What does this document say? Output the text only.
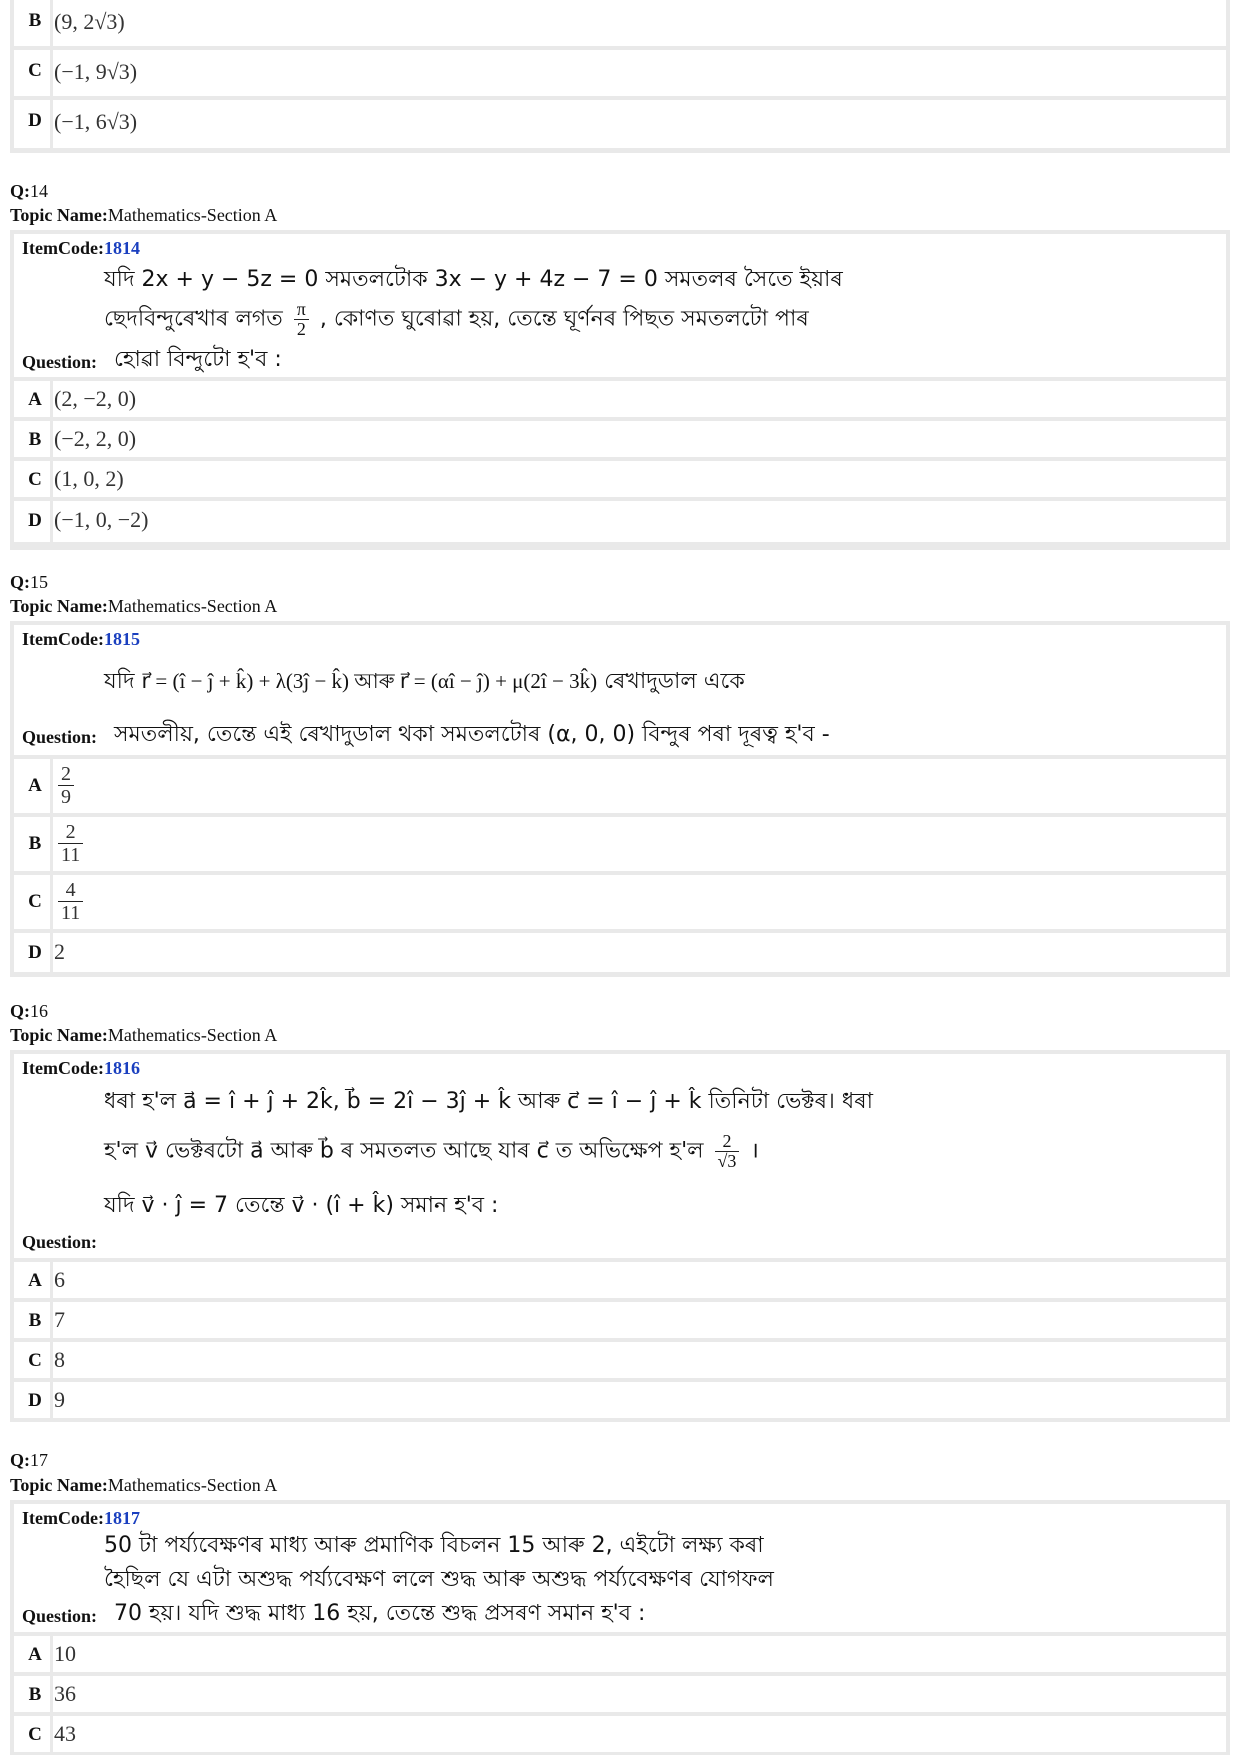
B (9, 2√3)
C (−1, 9√3)
D (−1, 6√3)
Q:14
Topic Name:Mathematics-Section A
ItemCode:1814
যদি 2x + y − 5z = 0 সমতলটোক 3x − y + 4z − 7 = 0 সমতলৰ সৈতে ইয়াৰ
ছেদবিন্দুৰেখাৰ লগত $\frac{\pi}{2}$ , কোণত ঘুৰোৱা হয়, তেন্তে ঘূৰ্ণনৰ পিছত সমতলটো পাৰ
Question: হোৱা বিন্দুটো হ'ব :
A (2, −2, 0)
B (−2, 2, 0)
C (1, 0, 2)
D (−1, 0, −2)
Q:15
Topic Name:Mathematics-Section A
ItemCode:1815
যদি r⃗ = (î − ĵ + k̂) + λ(3ĵ − k̂) আৰু r⃗ = (αî − ĵ) + μ(2î − 3k̂) ৰেখাদুডাল একে
Question: সমতলীয়, তেন্তে এই ৰেখাদুডাল থকা সমতলটোৰ (α, 0, 0) বিন্দুৰ পৰা দূৰত্ব হ'ব -
A $\frac{2}{9}$
B $\frac{2}{11}$
C $\frac{4}{11}$
D 2
Q:16
Topic Name:Mathematics-Section A
ItemCode:1816
ধৰা হ'ল a⃗ = î + ĵ + 2k̂, b⃗ = 2î − 3ĵ + k̂ আৰু c⃗ = î − ĵ + k̂ তিনিটা ভেক্টৰ। ধৰা
হ'ল v⃗ ভেক্টৰটো a⃗ আৰু b⃗ ৰ সমতলত আছে যাৰ c⃗ ত অভিক্ষেপ হ'ল $\frac{2}{√3}$ ।
যদি v⃗ · ĵ = 7 তেন্তে v⃗ · (î + k̂) সমান হ'ব :
Question:
A 6
B 7
C 8
D 9
Q:17
Topic Name:Mathematics-Section A
ItemCode:1817
50 টা পৰ্য্যবেক্ষণৰ মাধ্য আৰু প্ৰমাণিক বিচলন 15 আৰু 2, এইটো লক্ষ্য কৰা
হৈছিল যে এটা অশুদ্ধ পৰ্য্যবেক্ষণ ললে শুদ্ধ আৰু অশুদ্ধ পৰ্য্যবেক্ষণৰ যোগফল
Question: 70 হয়। যদি শুদ্ধ মাধ্য 16 হয়, তেন্তে শুদ্ধ প্ৰসৰণ সমান হ'ব :
A 10
B 36
C 43
